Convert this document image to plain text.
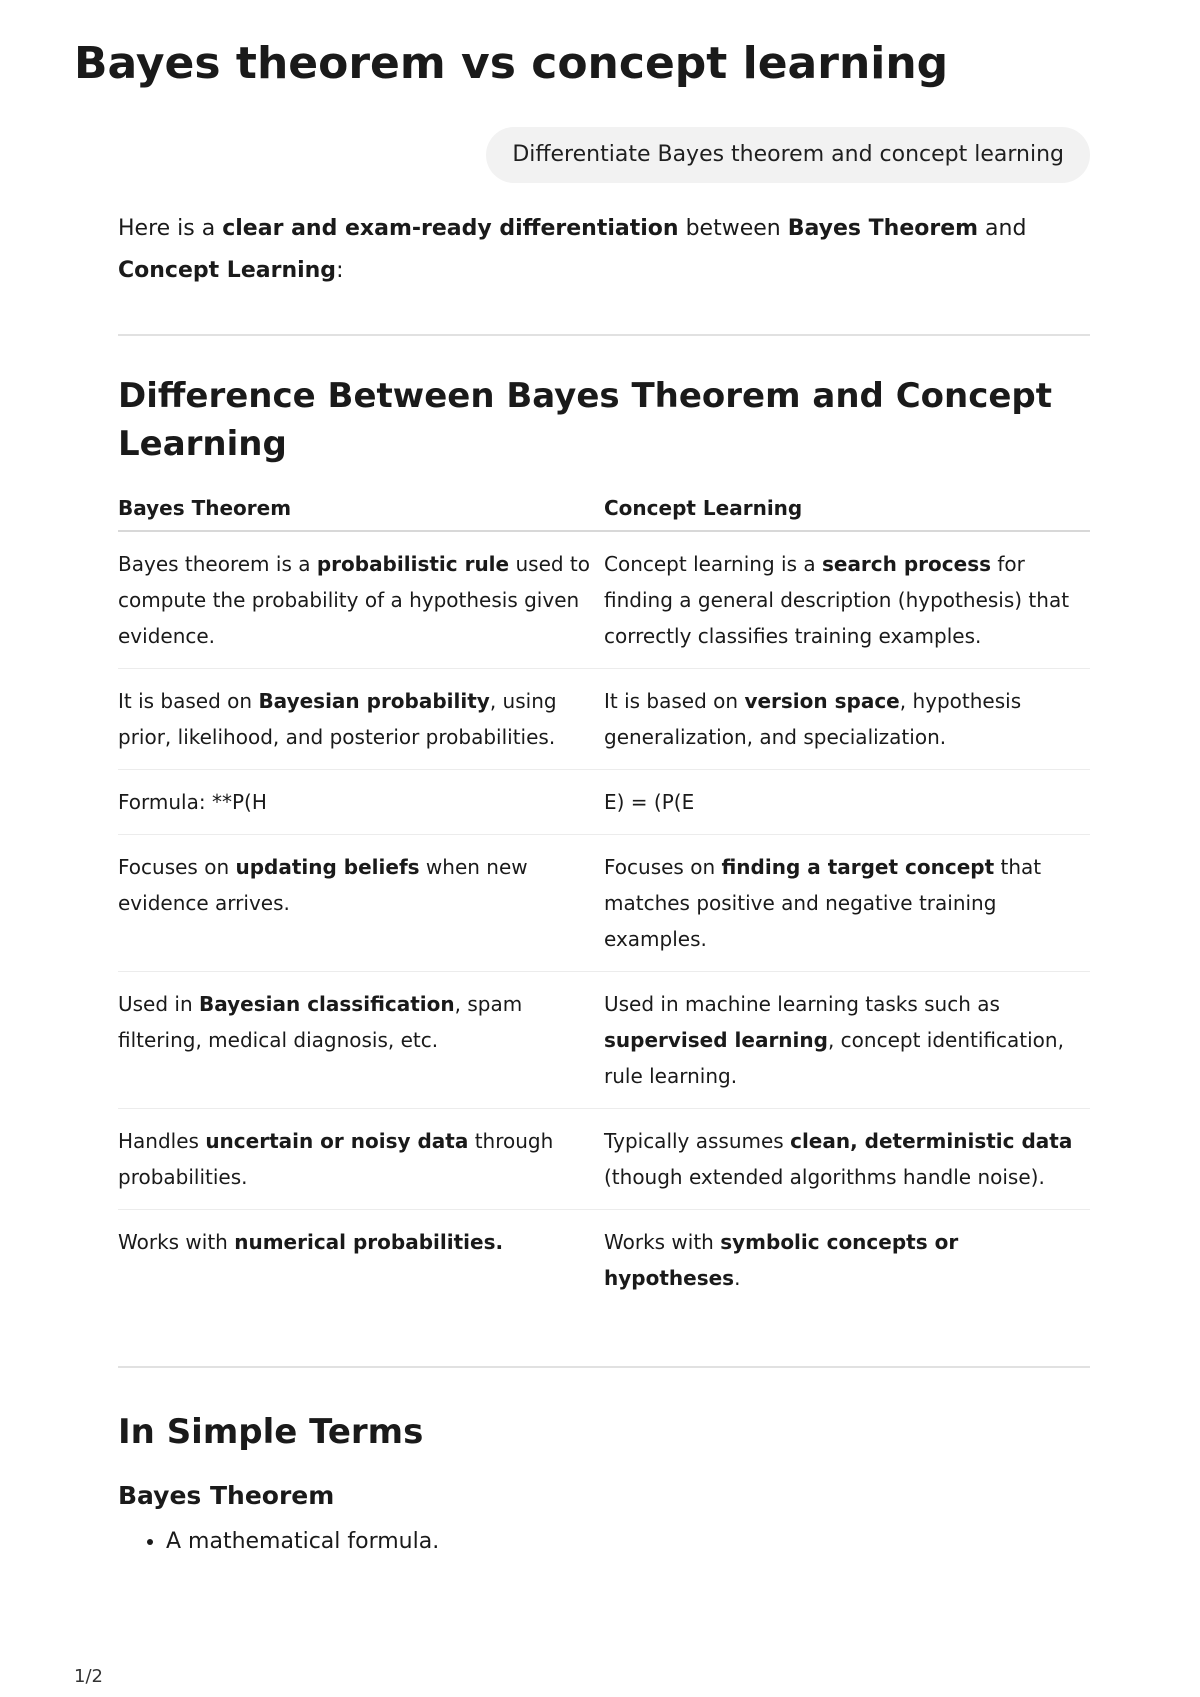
Bayes theorem vs concept learning
Differentiate Bayes theorem and concept learning

Here is a clear and exam-ready differentiation between Bayes Theorem and
Concept Learning:

Difference Between Bayes Theorem and Concept Learning
Bayes Theorem	Concept Learning
Bayes theorem is a probabilistic rule used to compute the probability of a hypothesis given evidence.	Concept learning is a search process for finding a general description (hypothesis) that correctly classifies training examples.
It is based on Bayesian probability, using prior, likelihood, and posterior probabilities.	It is based on version space, hypothesis generalization, and specialization.
Formula: **P(H	E) = (P(E
Focuses on updating beliefs when new evidence arrives.	Focuses on finding a target concept that matches positive and negative training examples.
Used in Bayesian classification, spam filtering, medical diagnosis, etc.	Used in machine learning tasks such as supervised learning, concept identification, rule learning.
Handles uncertain or noisy data through probabilities.	Typically assumes clean, deterministic data (though extended algorithms handle noise).
Works with numerical probabilities.	Works with symbolic concepts or hypotheses.
In Simple Terms
Bayes Theorem
• A mathematical formula.
1/2
